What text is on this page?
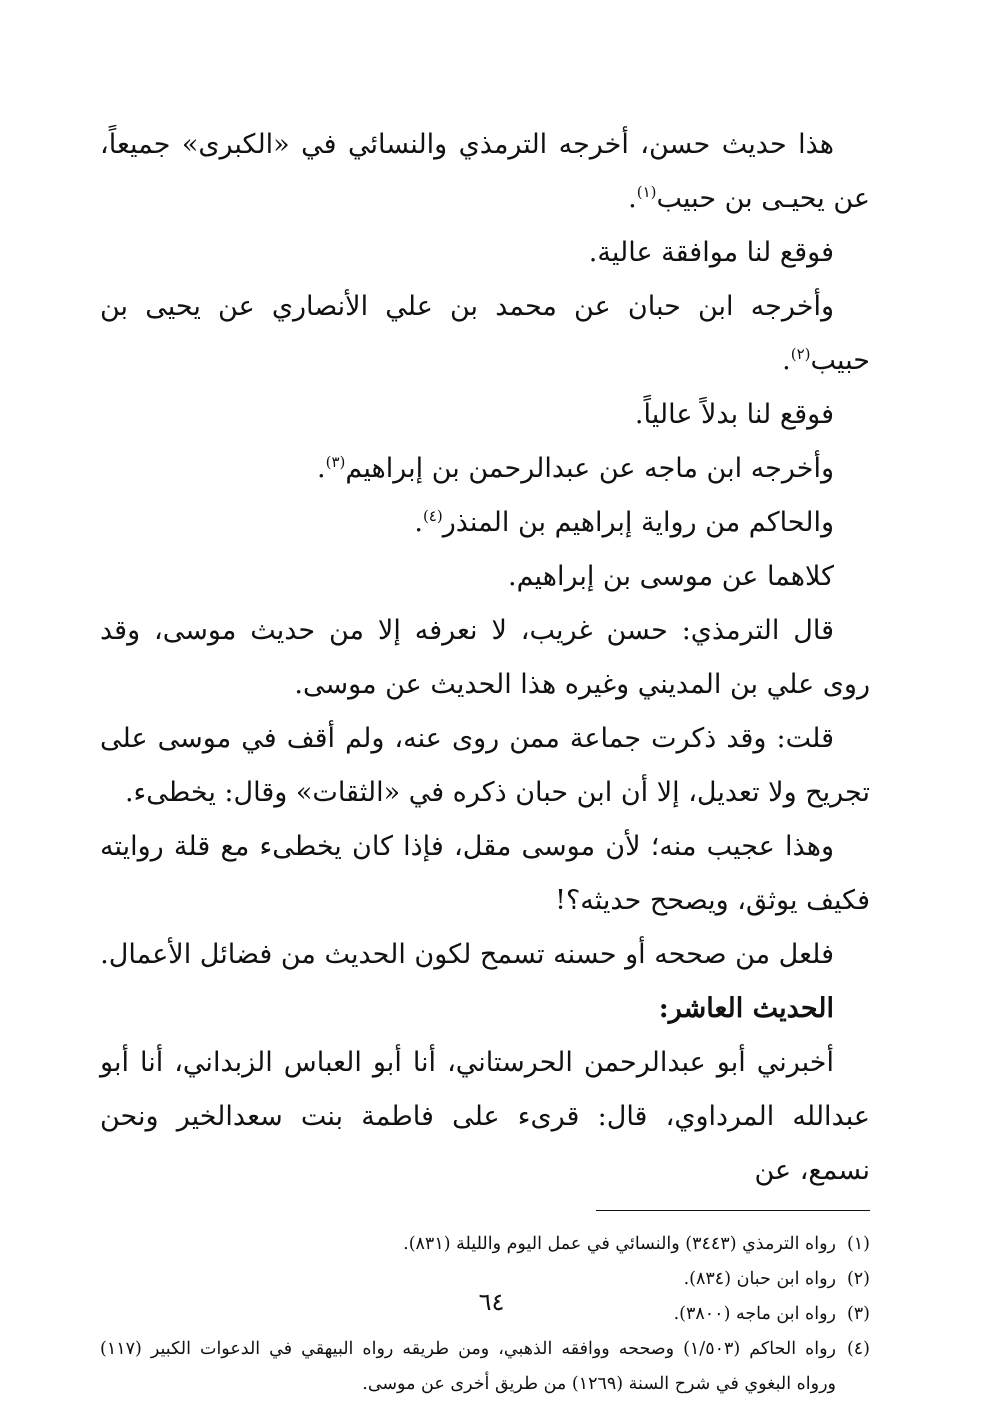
هذا حديث حسن، أخرجه الترمذي والنسائي في «الكبرى» جميعاً، عن يحيـى بن حبيب$^{(١)}$.

فوقع لنا موافقة عالية.

وأخرجه ابن حبان عن محمد بن علي الأنصاري عن يحيى بن حبيب$^{(٢)}$.

فوقع لنا بدلاً عالياً.

وأخرجه ابن ماجه عن عبدالرحمن بن إبراهيم$^{(٣)}$.

والحاكم من رواية إبراهيم بن المنذر$^{(٤)}$.

كلاهما عن موسى بن إبراهيم.

قال الترمذي: حسن غريب، لا نعرفه إلا من حديث موسى، وقد روى علي بن المديني وغيره هذا الحديث عن موسى.

قلت: وقد ذكرت جماعة ممن روى عنه، ولم أقف في موسى على تجريح ولا تعديل، إلا أن ابن حبان ذكره في «الثقات» وقال: يخطىء.

وهذا عجيب منه؛ لأن موسى مقل، فإذا كان يخطىء مع قلة روايته فكيف يوثق، ويصحح حديثه؟!

فلعل من صححه أو حسنه تسمح لكون الحديث من فضائل الأعمال.

الحديث العاشر:

أخبرني أبو عبدالرحمن الحرستاني، أنا أبو العباس الزبداني، أنا أبو عبدالله المرداوي، قال: قرىء على فاطمة بنت سعدالخير ونحن نسمع، عن

(١)
رواه الترمذي (٣٤٤٣) والنسائي في عمل اليوم والليلة (٨٣١).
(٢)
رواه ابن حبان (٨٣٤).
(٣)
رواه ابن ماجه (٣٨٠٠).
(٤)
رواه الحاكم (١/٥٠٣) وصححه ووافقه الذهبي، ومن طريقه رواه البيهقي في الدعوات الكبير (١١٧) ورواه البغوي في شرح السنة (١٢٦٩) من طريق أخرى عن موسى.
٦٤
